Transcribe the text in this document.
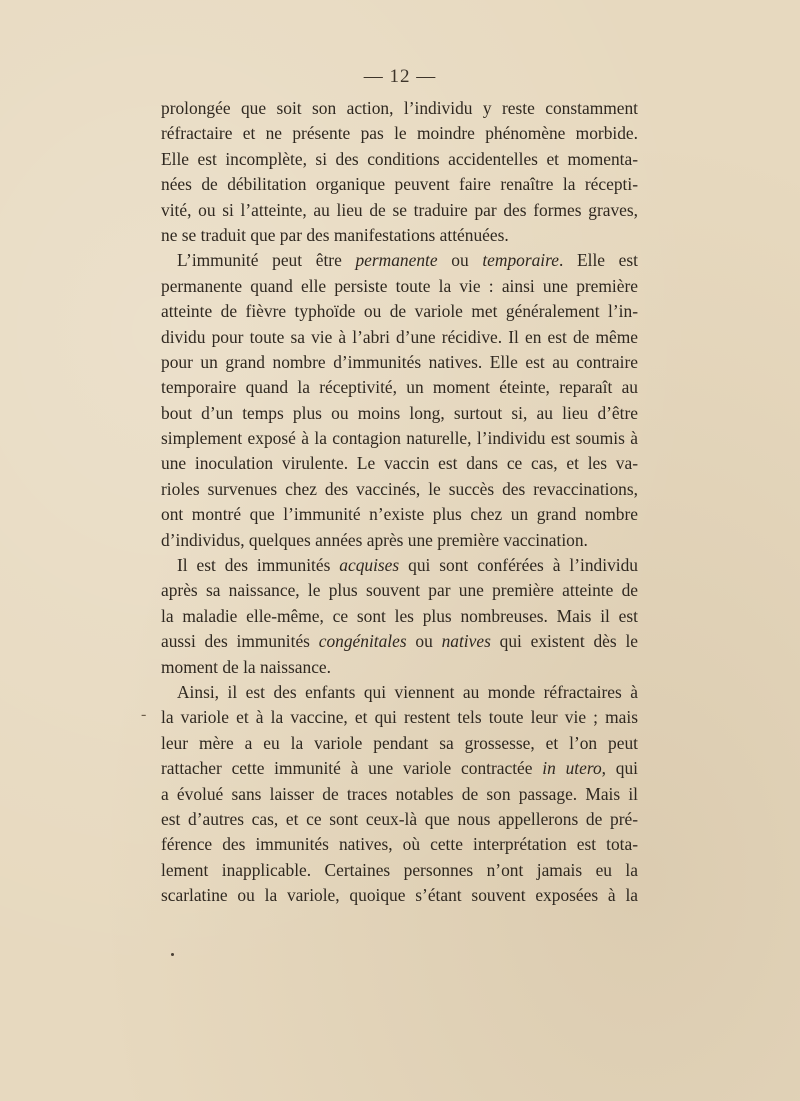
— 12 —
prolongée que soit son action, l’individu y reste constamment
réfractaire et ne présente pas le moindre phénomène morbide.
Elle est incomplète, si des conditions accidentelles et momenta-
nées de débilitation organique peuvent faire renaître la récepti-
vité, ou si l’atteinte, au lieu de se traduire par des formes graves,
ne se traduit que par des manifestations atténuées.
L’immunité peut être permanente ou temporaire. Elle est
permanente quand elle persiste toute la vie : ainsi une première
atteinte de fièvre typhoïde ou de variole met généralement l’in-
dividu pour toute sa vie à l’abri d’une récidive. Il en est de même
pour un grand nombre d’immunités natives. Elle est au contraire
temporaire quand la réceptivité, un moment éteinte, reparaît au
bout d’un temps plus ou moins long, surtout si, au lieu d’être
simplement exposé à la contagion naturelle, l’individu est soumis à
une inoculation virulente. Le vaccin est dans ce cas, et les va-
rioles survenues chez des vaccinés, le succès des revaccinations,
ont montré que l’immunité n’existe plus chez un grand nombre
d’individus, quelques années après une première vaccination.
Il est des immunités acquises qui sont conférées à l’individu
après sa naissance, le plus souvent par une première atteinte de
la maladie elle-même, ce sont les plus nombreuses. Mais il est
aussi des immunités congénitales ou natives qui existent dès le
moment de la naissance.
Ainsi, il est des enfants qui viennent au monde réfractaires à
la variole et à la vaccine, et qui restent tels toute leur vie ; mais
leur mère a eu la variole pendant sa grossesse, et l’on peut
rattacher cette immunité à une variole contractée in utero, qui
a évolué sans laisser de traces notables de son passage. Mais il
est d’autres cas, et ce sont ceux-là que nous appellerons de pré-
férence des immunités natives, où cette interprétation est tota-
lement inapplicable. Certaines personnes n’ont jamais eu la
scarlatine ou la variole, quoique s’étant souvent exposées à la
-
